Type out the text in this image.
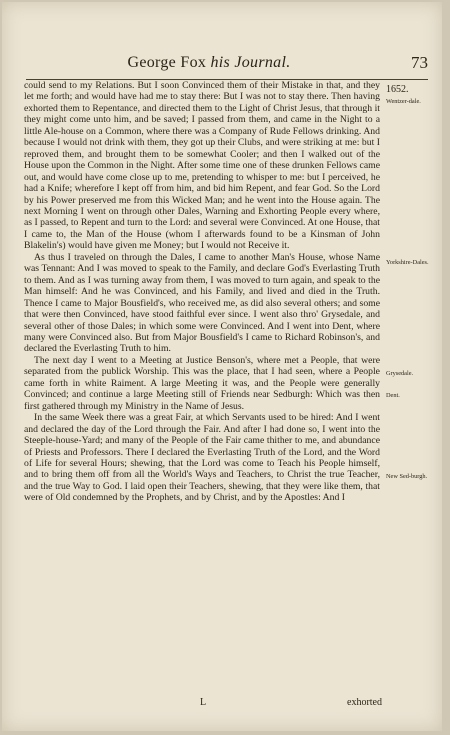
George Fox his Journal.	73
1652.
Wentzer-dale.
Yorkshire-Dales.
Grysedale.
Dent.
New Sed-burgh.

could send to my Relations. But I soon Convinced them of their Mistake in that, and they let me forth; and would have had me to stay there: But I was not to stay there. Then having exhorted them to Repentance, and directed them to the Light of Christ Jesus, that through it they might come unto him, and be saved; I passed from them, and came in the Night to a little Ale-house on a Common, where there was a Company of Rude Fellows drinking. And because I would not drink with them, they got up their Clubs, and were striking at me: but I reproved them, and brought them to be somewhat Cooler; and then I walked out of the House upon the Common in the Night. After some time one of these drunken Fellows came out, and would have come close up to me, pretending to whisper to me: but I perceived, he had a Knife; wherefore I kept off from him, and bid him Repent, and fear God. So the Lord by his Power preserved me from this Wicked Man; and he went into the House again. The next Morning I went on through other Dales, Warning and Exhorting People every where, as I passed, to Repent and turn to the Lord: and several were Convinced. At one House, that I came to, the Man of the House (whom I afterwards found to be a Kinsman of John Blakelin's) would have given me Money; but I would not Receive it.

As thus I traveled on through the Dales, I came to another Man's House, whose Name was Tennant: And I was moved to speak to the Family, and declare God's Everlasting Truth to them. And as I was turning away from them, I was moved to turn again, and speak to the Man himself: And he was Convinced, and his Family, and lived and died in the Truth. Thence I came to Major Bousfield's, who received me, as did also several others; and some that were then Convinced, have stood faithful ever since. I went also thro' Grysedale, and several other of those Dales; in which some were Convinced. And I went into Dent, where many were Convinced also. But from Major Bousfield's I came to Richard Robinson's, and declared the Everlasting Truth to him.

The next day I went to a Meeting at Justice Benson's, where met a People, that were separated from the publick Worship. This was the place, that I had seen, where a People came forth in white Raiment. A large Meeting it was, and the People were generally Convinced; and continue a large Meeting still of Friends near Sedburgh: Which was then first gathered through my Ministry in the Name of Jesus.

In the same Week there was a great Fair, at which Servants used to be hired: And I went and declared the day of the Lord through the Fair. And after I had done so, I went into the Steeple-house-Yard; and many of the People of the Fair came thither to me, and abundance of Priests and Professors. There I declared the Everlasting Truth of the Lord, and the Word of Life for several Hours; shewing, that the Lord was come to Teach his People himself, and to bring them off from all the World's Ways and Teachers, to Christ the true Teacher, and the true Way to God. I laid open their Teachers, shewing, that they were like them, that were of Old condemned by the Prophets, and by Christ, and by the Apostles: And I

L	exhorted
